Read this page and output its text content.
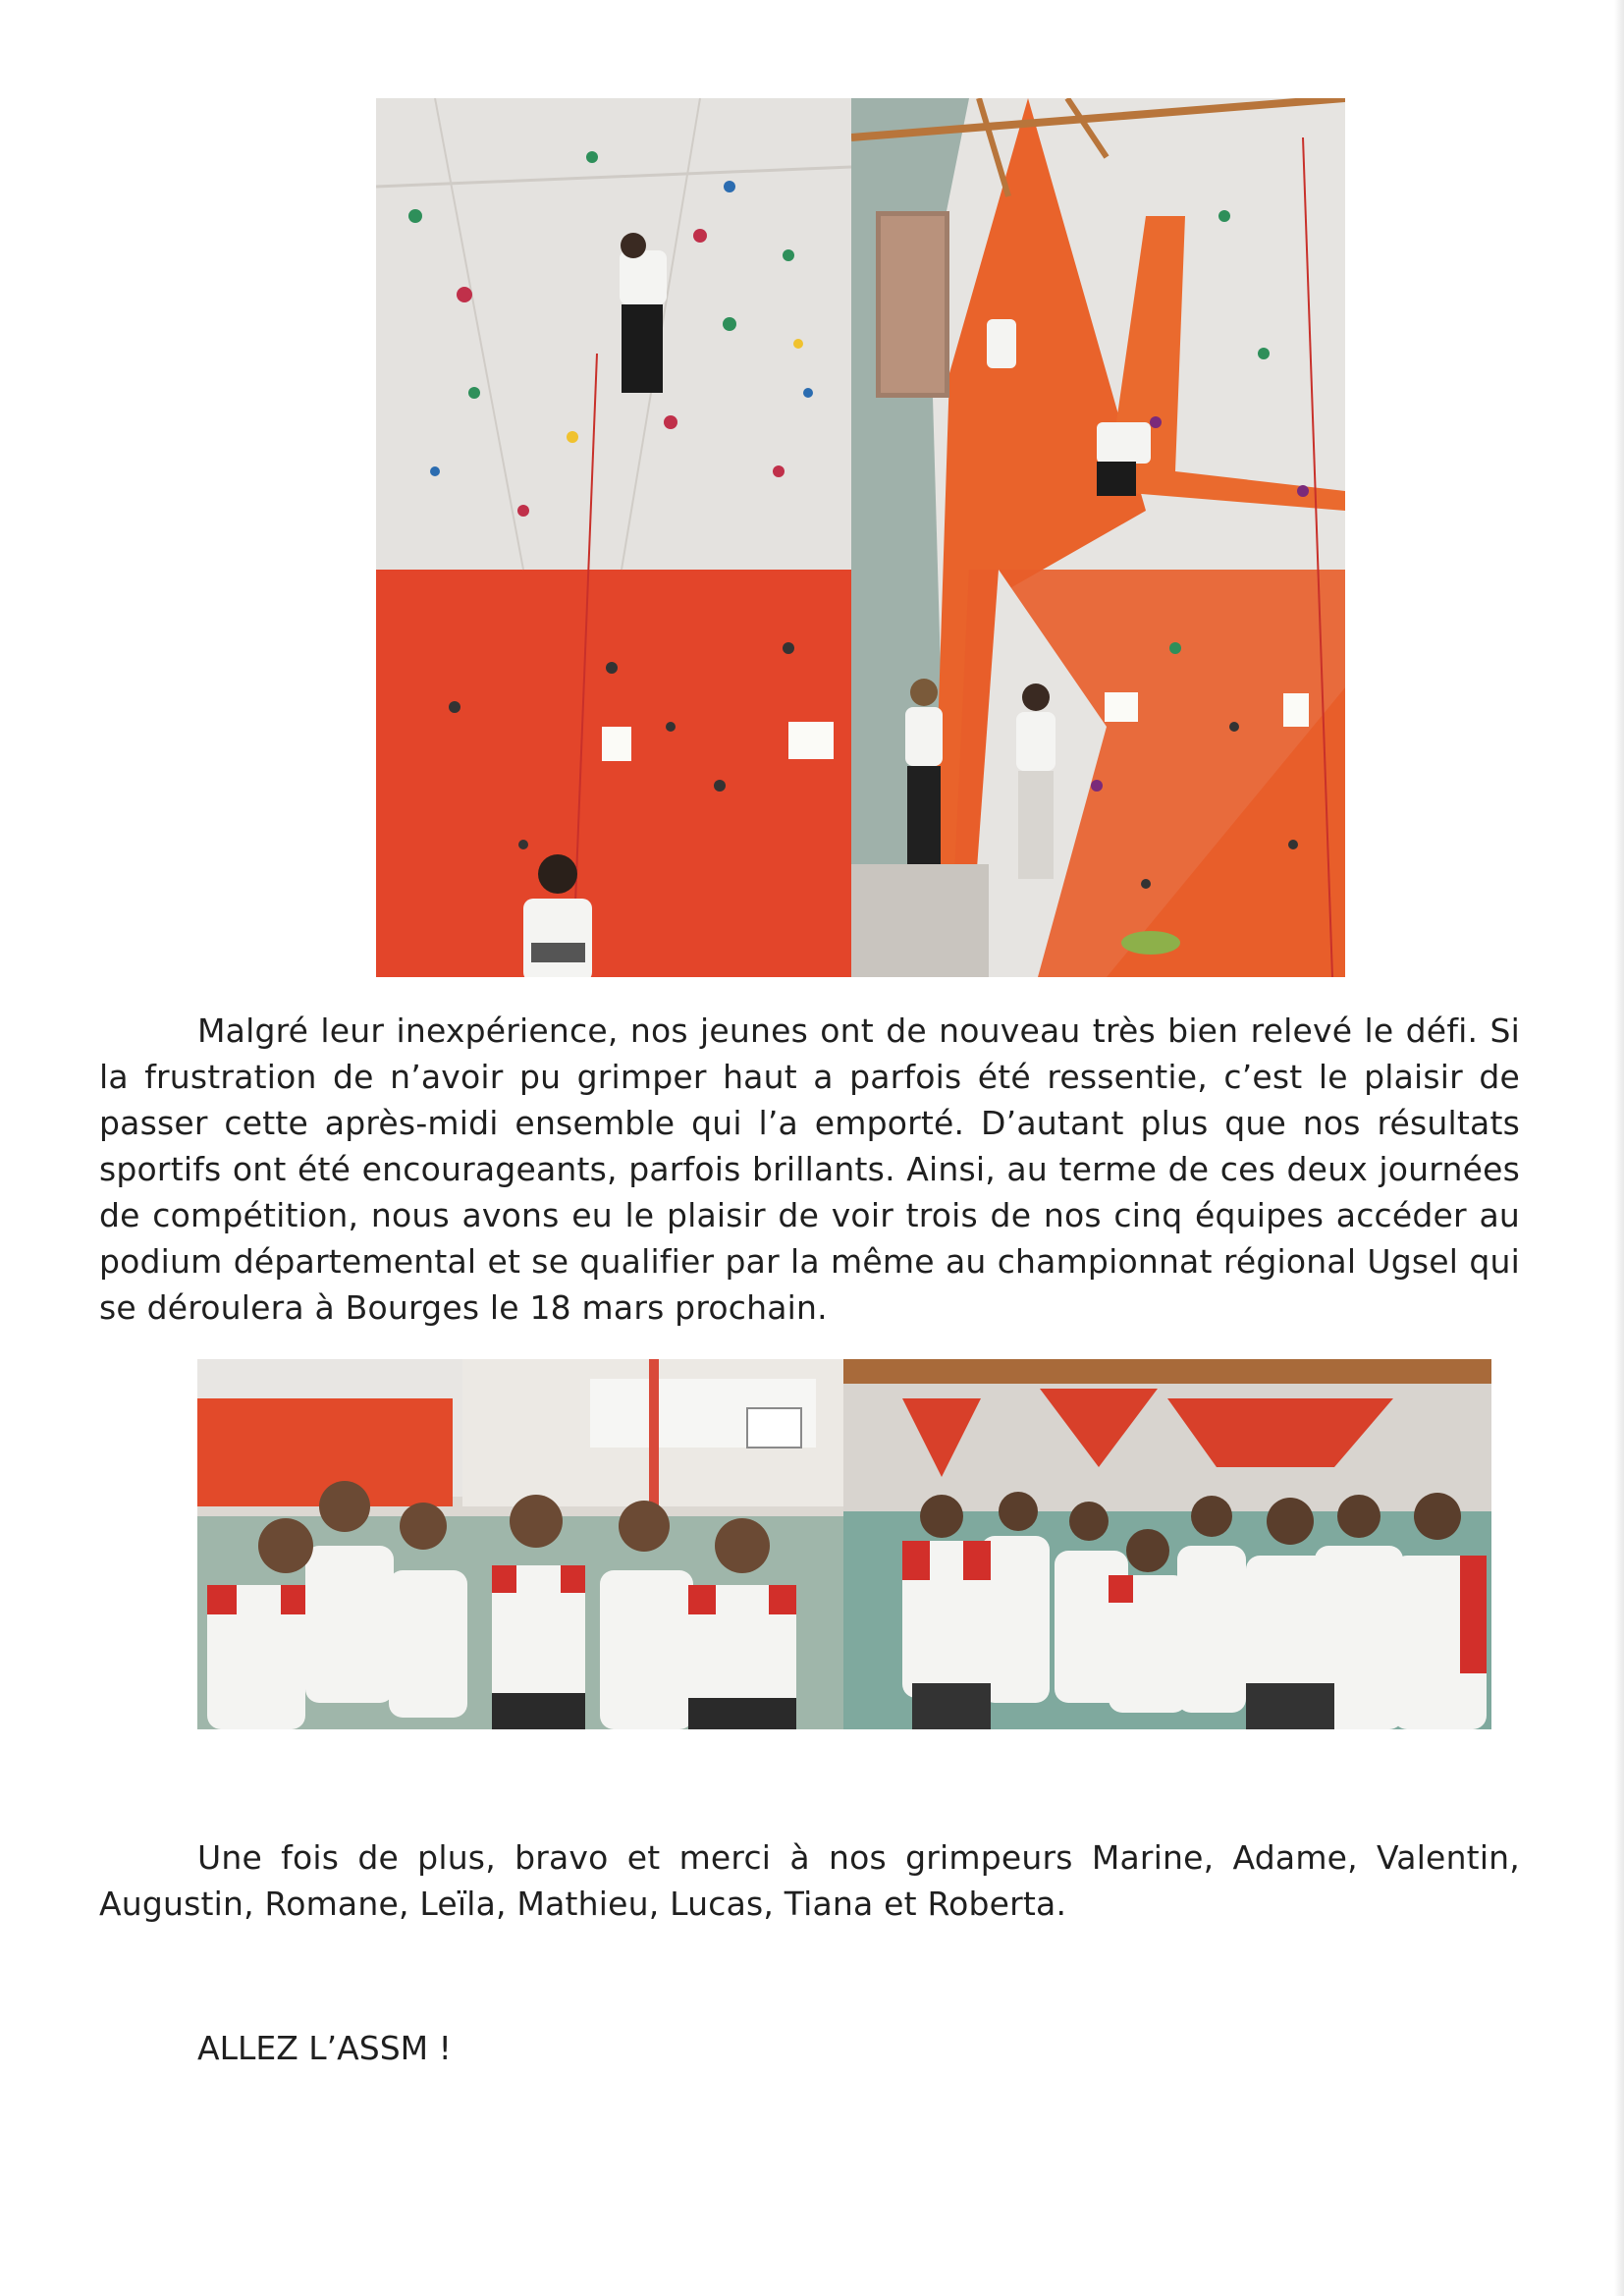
Malgré leur inexpérience, nos jeunes ont de nouveau très bien relevé le défi. Si la frustration de n’avoir pu grimper haut a parfois été ressentie, c’est le plaisir de passer cette après-midi ensemble qui l’a emporté. D’autant plus que nos résultats sportifs ont été encourageants, parfois brillants. Ainsi, au terme de ces deux journées de compétition, nous avons eu le plaisir de voir trois de nos cinq équipes accéder au podium départemental et se qualifier par la même au championnat régional Ugsel qui se déroulera à Bourges le 18 mars prochain.

Une fois de plus, bravo et merci à nos grimpeurs Marine, Adame, Valentin, Augustin, Romane, Leïla, Mathieu, Lucas, Tiana et Roberta.

ALLEZ L’ASSM !
